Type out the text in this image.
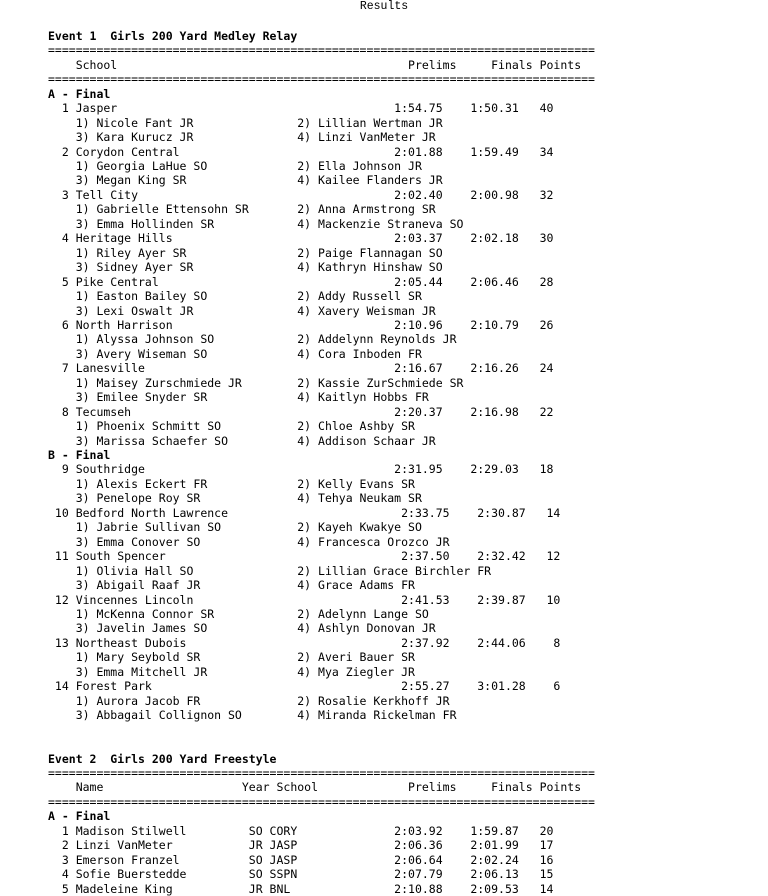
Results
Event 1  Girls 200 Yard Medley Relay
===============================================================================
School                                          Prelims     Finals Points
===============================================================================
A - Final
1 Jasper                                        1:54.75    1:50.31   40
1) Nicole Fant JR               2) Lillian Wertman JR
3) Kara Kurucz JR               4) Linzi VanMeter JR
2 Corydon Central                               2:01.88    1:59.49   34
1) Georgia LaHue SO             2) Ella Johnson JR
3) Megan King SR                4) Kailee Flanders JR
3 Tell City                                     2:02.40    2:00.98   32
1) Gabrielle Ettensohn SR       2) Anna Armstrong SR
3) Emma Hollinden SR            4) Mackenzie Straneva SO
4 Heritage Hills                                2:03.37    2:02.18   30
1) Riley Ayer SR                2) Paige Flannagan SO
3) Sidney Ayer SR               4) Kathryn Hinshaw SO
5 Pike Central                                  2:05.44    2:06.46   28
1) Easton Bailey SO             2) Addy Russell SR
3) Lexi Oswalt JR               4) Xavery Weisman JR
6 North Harrison                                2:10.96    2:10.79   26
1) Alyssa Johnson SO            2) Addelynn Reynolds JR
3) Avery Wiseman SO             4) Cora Inboden FR
7 Lanesville                                    2:16.67    2:16.26   24
1) Maisey Zurschmiede JR        2) Kassie ZurSchmiede SR
3) Emilee Snyder SR             4) Kaitlyn Hobbs FR
8 Tecumseh                                      2:20.37    2:16.98   22
1) Phoenix Schmitt SO           2) Chloe Ashby SR
3) Marissa Schaefer SO          4) Addison Schaar JR
B - Final
9 Southridge                                    2:31.95    2:29.03   18
1) Alexis Eckert FR             2) Kelly Evans SR
3) Penelope Roy SR              4) Tehya Neukam SR
10 Bedford North Lawrence                         2:33.75    2:30.87   14
1) Jabrie Sullivan SO           2) Kayeh Kwakye SO
3) Emma Conover SO              4) Francesca Orozco JR
11 South Spencer                                  2:37.50    2:32.42   12
1) Olivia Hall SO               2) Lillian Grace Birchler FR
3) Abigail Raaf JR              4) Grace Adams FR
12 Vincennes Lincoln                              2:41.53    2:39.87   10
1) McKenna Connor SR            2) Adelynn Lange SO
3) Javelin James SO             4) Ashlyn Donovan JR
13 Northeast Dubois                               2:37.92    2:44.06    8
1) Mary Seybold SR              2) Averi Bauer SR
3) Emma Mitchell JR             4) Mya Ziegler JR
14 Forest Park                                    2:55.27    3:01.28    6
1) Aurora Jacob FR              2) Rosalie Kerkhoff JR
3) Abbagail Collignon SO        4) Miranda Rickelman FR

Event 2  Girls 200 Yard Freestyle
===============================================================================
Name                    Year School             Prelims     Finals Points
===============================================================================
A - Final
1 Madison Stilwell         SO CORY              2:03.92    1:59.87   20
2 Linzi VanMeter           JR JASP              2:06.36    2:01.99   17
3 Emerson Franzel          SO JASP              2:06.64    2:02.24   16
4 Sofie Buerstedde         SO SSPN              2:07.79    2:06.13   15
5 Madeleine King           JR BNL               2:10.88    2:09.53   14
